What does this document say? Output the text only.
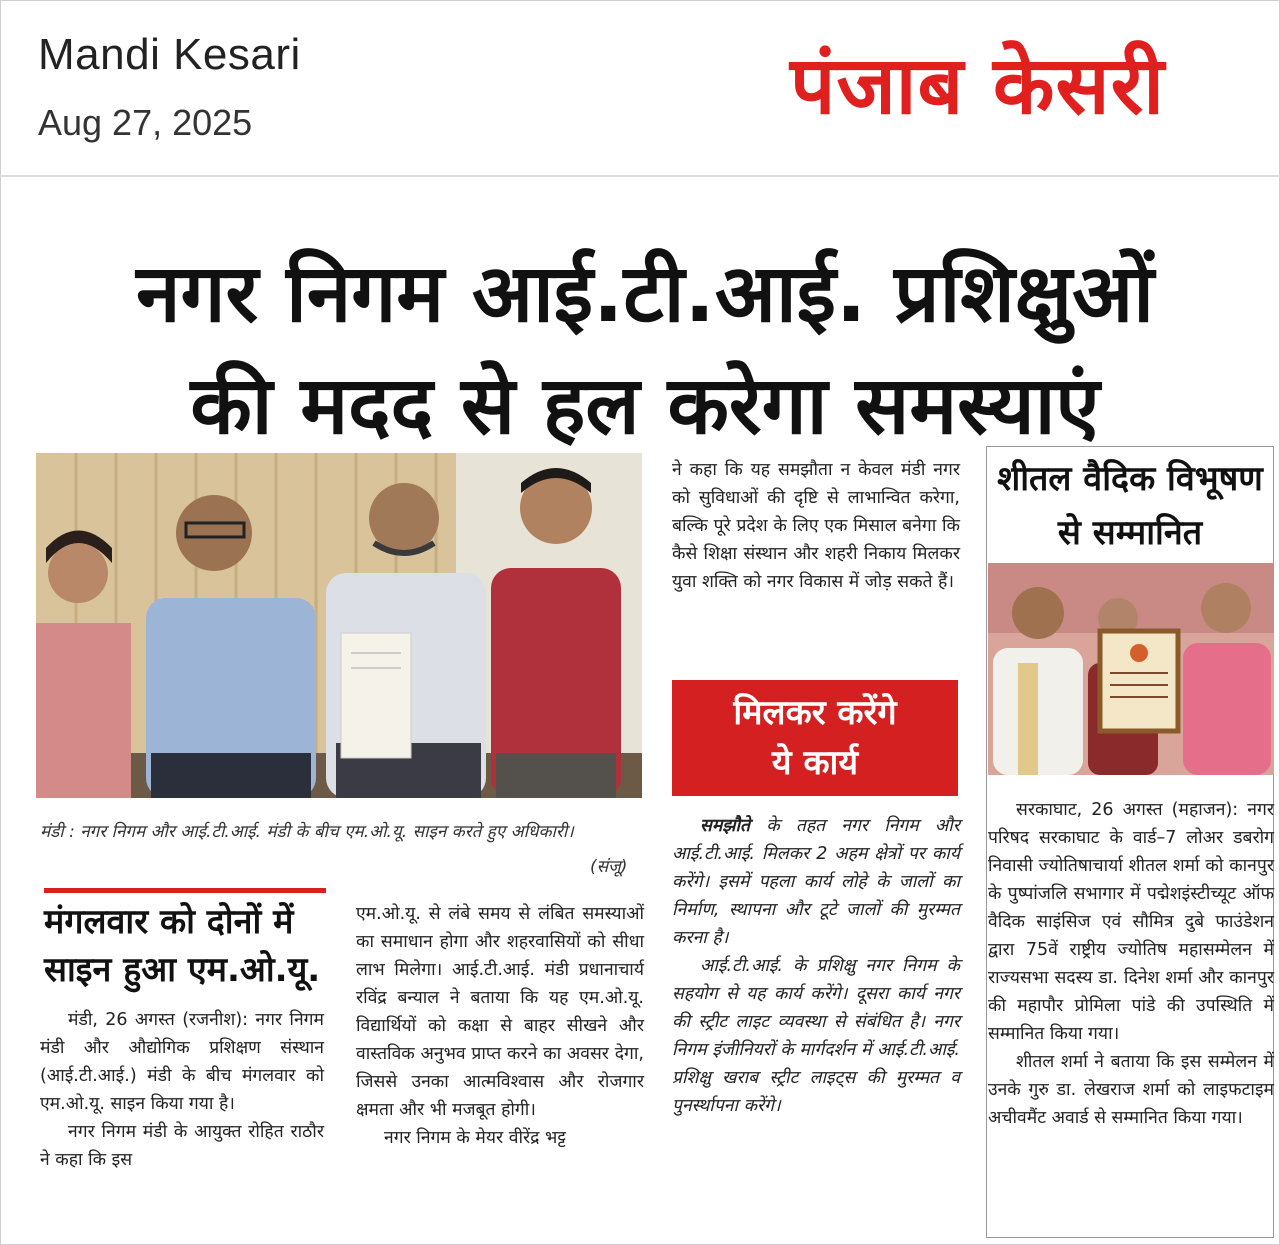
Mandi Kesari
Aug 27, 2025	पंजाब केसरी
नगर निगम आई.टी.आई. प्रशिक्षुओं
की मदद से हल करेगा समस्याएं
मंडी : नगर निगम और आई.टी.आई. मंडी के बीच एम.ओ.यू. साइन करते हुए अधिकारी।
(संजू)
मंगलवार को दोनों में साइन हुआ एम.ओ.यू.

मंडी, 26 अगस्त (रजनीश): नगर निगम मंडी और औद्योगिक प्रशिक्षण संस्थान (आई.टी.आई.) मंडी के बीच मंगलवार को एम.ओ.यू. साइन किया गया है।

नगर निगम मंडी के आयुक्त रोहित राठौर ने कहा कि इस

एम.ओ.यू. से लंबे समय से लंबित समस्याओं का समाधान होगा और शहरवासियों को सीधा लाभ मिलेगा। आई.टी.आई. मंडी प्रधानाचार्य रविंद्र बन्याल ने बताया कि यह एम.ओ.यू. विद्यार्थियों को कक्षा से बाहर सीखने और वास्तविक अनुभव प्राप्त करने का अवसर देगा, जिससे उनका आत्मविश्वास और रोजगार क्षमता और भी मजबूत होगी।

नगर निगम के मेयर वीरेंद्र भट्ट

ने कहा कि यह समझौता न केवल मंडी नगर को सुविधाओं की दृष्टि से लाभान्वित करेगा, बल्कि पूरे प्रदेश के लिए एक मिसाल बनेगा कि कैसे शिक्षा संस्थान और शहरी निकाय मिलकर युवा शक्ति को नगर विकास में जोड़ सकते हैं।

मिलकर करेंगे
ये कार्य

समझौते के तहत नगर निगम और आई.टी.आई. मिलकर 2 अहम क्षेत्रों पर कार्य करेंगे। इसमें पहला कार्य लोहे के जालों का निर्माण, स्थापना और टूटे जालों की मुरम्मत करना है।

आई.टी.आई. के प्रशिक्षु नगर निगम के सहयोग से यह कार्य करेंगे। दूसरा कार्य नगर की स्ट्रीट लाइट व्यवस्था से संबंधित है। नगर निगम इंजीनियरों के मार्गदर्शन में आई.टी.आई. प्रशिक्षु खराब स्ट्रीट लाइट्स की मुरम्मत व पुनर्स्थापना करेंगे।

शीतल वैदिक विभूषण
से सम्मानित

सरकाघाट, 26 अगस्त (महाजन): नगर परिषद सरकाघाट के वार्ड–7 लोअर डबरोग निवासी ज्योतिषाचार्या शीतल शर्मा को कानपुर के पुष्पांजलि सभागार में पद्मेशइंस्टीच्यूट ऑफ वैदिक साइंसिज एवं सौमित्र दुबे फाउंडेशन द्वारा 75वें राष्ट्रीय ज्योतिष महासम्मेलन में राज्यसभा सदस्य डा. दिनेश शर्मा और कानपुर की महापौर प्रोमिला पांडे की उपस्थिति में सम्मानित किया गया।

शीतल शर्मा ने बताया कि इस सम्मेलन में उनके गुरु डा. लेखराज शर्मा को लाइफटाइम अचीवमैंट अवार्ड से सम्मानित किया गया।
